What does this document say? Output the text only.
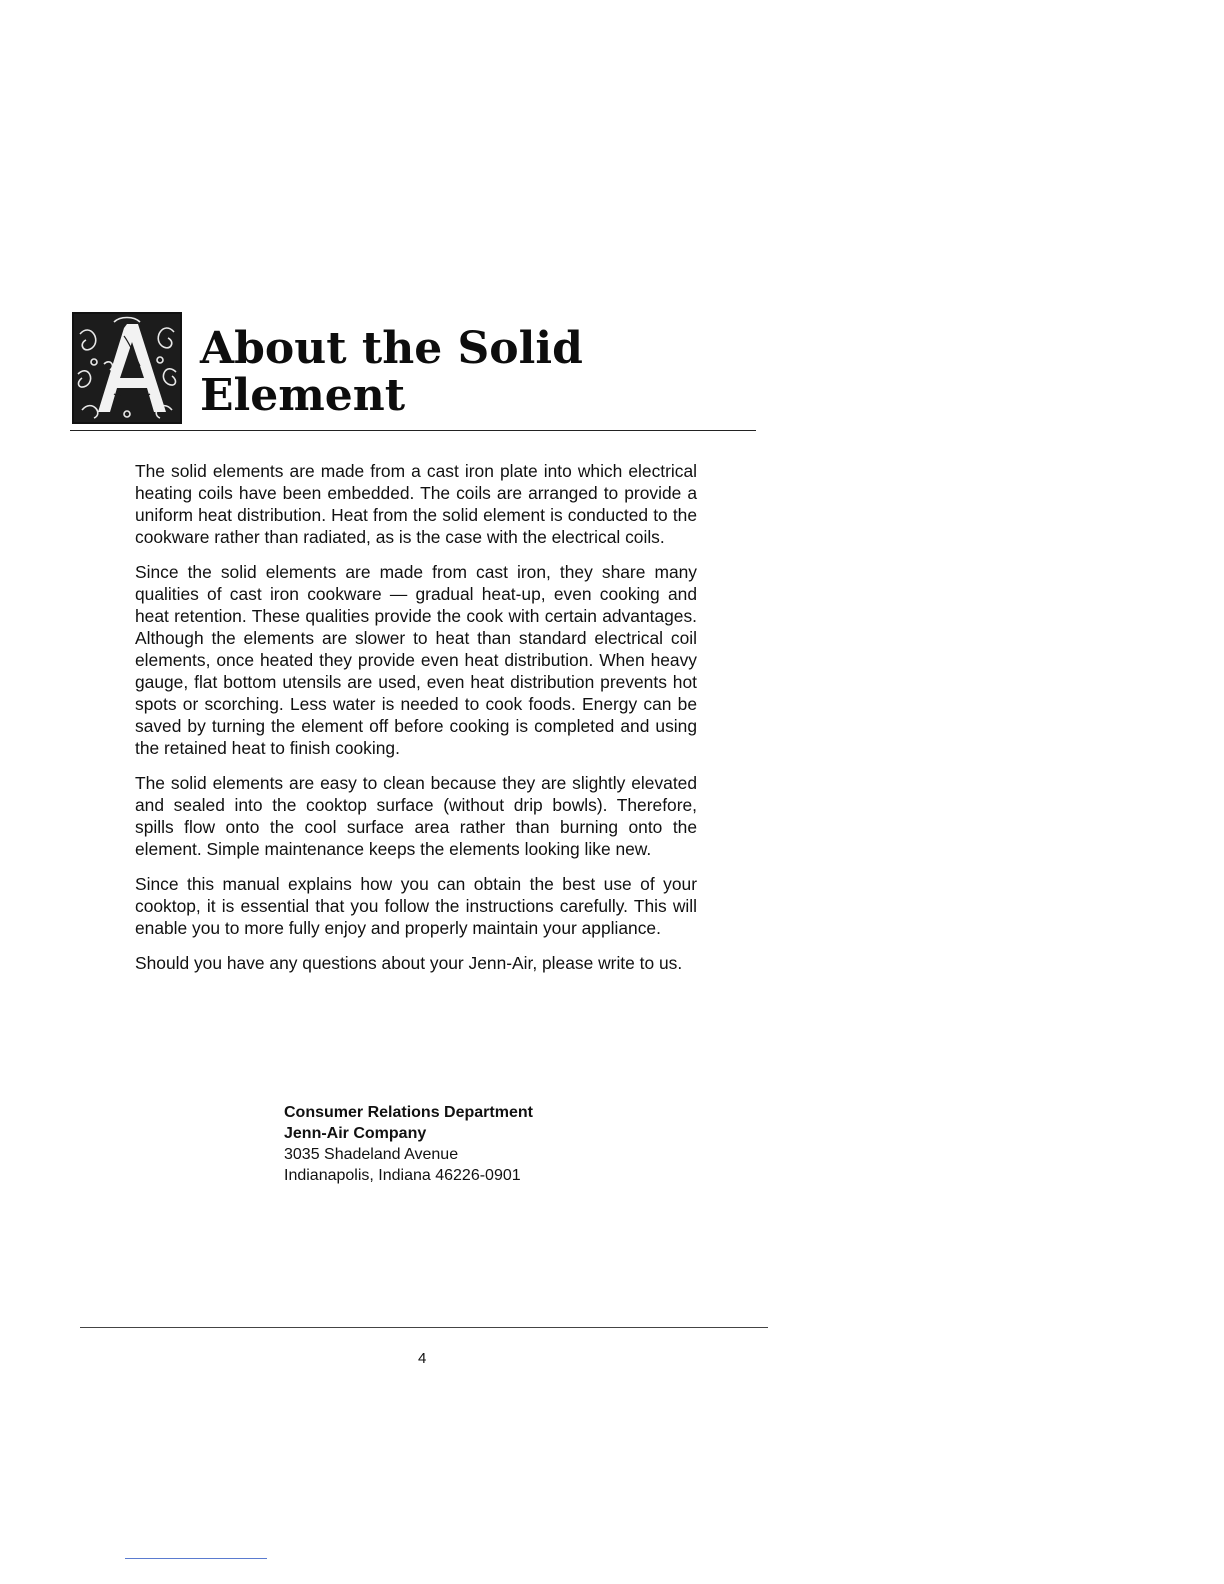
About the Solid
Element

The solid elements are made from a cast iron plate into which electrical heating coils have been embedded. The coils are arranged to provide a uniform heat distribution. Heat from the solid element is conducted to the cookware rather than radiated, as is the case with the electrical coils.

Since the solid elements are made from cast iron, they share many qualities of cast iron cookware — gradual heat-up, even cooking and heat retention. These qualities provide the cook with certain advantages. Although the elements are slower to heat than standard electrical coil elements, once heated they provide even heat distribution. When heavy gauge, flat bottom utensils are used, even heat distribution prevents hot spots or scorching. Less water is needed to cook foods. Energy can be saved by turning the element off before cooking is completed and using the retained heat to finish cooking.

The solid elements are easy to clean because they are slightly elevated and sealed into the cooktop surface (without drip bowls). Therefore, spills flow onto the cool surface area rather than burning onto the element. Simple maintenance keeps the elements looking like new.

Since this manual explains how you can obtain the best use of your cooktop, it is essential that you follow the instructions carefully. This will enable you to more fully enjoy and properly maintain your appliance.

Should you have any questions about your Jenn-Air, please write to us.

Consumer Relations Department
Jenn-Air Company
3035 Shadeland Avenue
Indianapolis, Indiana 46226-0901
4
